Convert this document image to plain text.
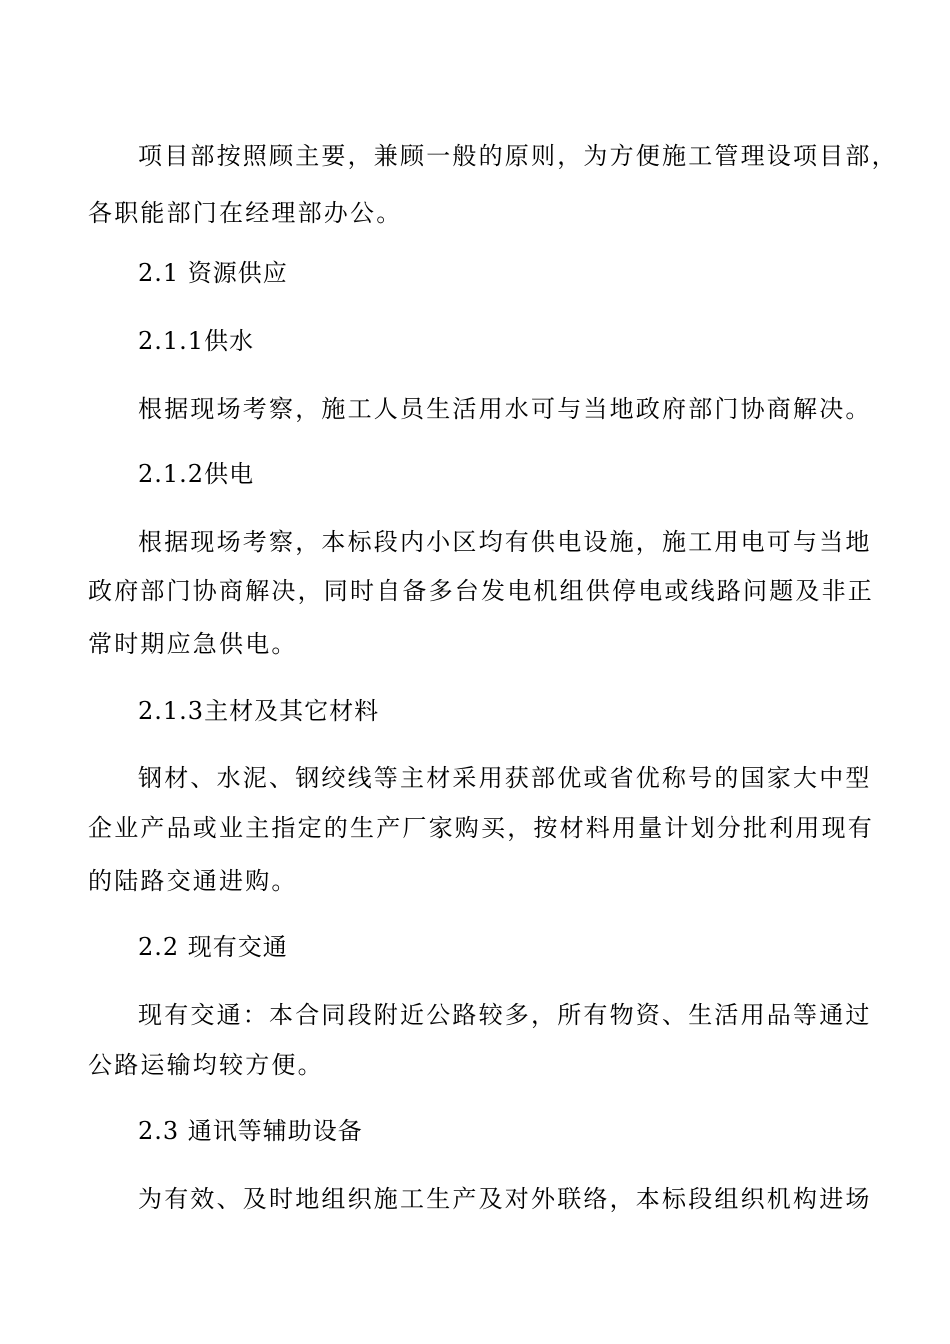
项目部按照顾主要，兼顾一般的原则，为方便施工管理设项目部，
各职能部门在经理部办公。
2.1 资源供应
2.1.1供水
根据现场考察，施工人员生活用水可与当地政府部门协商解决。
2.1.2供电
根据现场考察，本标段内小区均有供电设施，施工用电可与当地
政府部门协商解决，同时自备多台发电机组供停电或线路问题及非正
常时期应急供电。
2.1.3主材及其它材料
钢材、水泥、钢绞线等主材采用获部优或省优称号的国家大中型
企业产品或业主指定的生产厂家购买，按材料用量计划分批利用现有
的陆路交通进购。
2.2 现有交通
现有交通：本合同段附近公路较多，所有物资、生活用品等通过
公路运输均较方便。
2.3 通讯等辅助设备
为有效、及时地组织施工生产及对外联络，本标段组织机构进场
